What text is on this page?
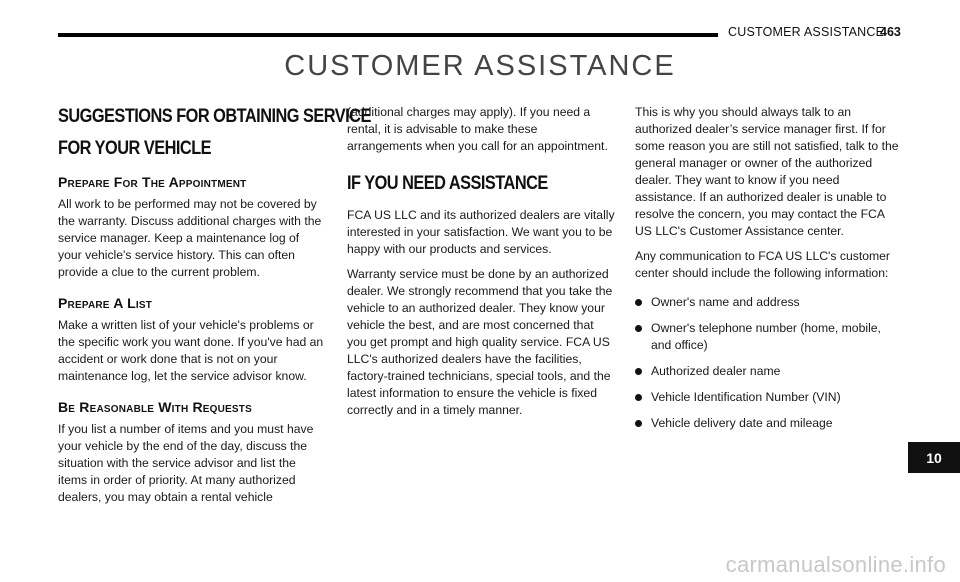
CUSTOMER ASSISTANCE
463
CUSTOMER ASSISTANCE
SUGGESTIONS FOR OBTAINING SERVICE
FOR YOUR VEHICLE
Prepare For The Appointment

All work to be performed may not be covered by the warranty. Discuss additional charges with the service manager. Keep a maintenance log of your vehicle's service history. This can often provide a clue to the current problem.

Prepare A List

Make a written list of your vehicle's problems or the specific work you want done. If you've had an accident or work done that is not on your maintenance log, let the service advisor know.

Be Reasonable With Requests

If you list a number of items and you must have your vehicle by the end of the day, discuss the situation with the service advisor and list the items in order of priority. At many authorized dealers, you may obtain a rental vehicle

(additional charges may apply). If you need a rental, it is advisable to make these arrangements when you call for an appointment.

IF YOU NEED ASSISTANCE

FCA US LLC and its authorized dealers are vitally interested in your satisfaction. We want you to be happy with our products and services.

Warranty service must be done by an authorized dealer. We strongly recommend that you take the vehicle to an authorized dealer. They know your vehicle the best, and are most concerned that you get prompt and high quality service. FCA US LLC's authorized dealers have the facilities, factory-trained technicians, special tools, and the latest information to ensure the vehicle is fixed correctly and in a timely manner.

This is why you should always talk to an authorized dealer’s service manager first. If for some reason you are still not satisfied, talk to the general manager or owner of the authorized dealer. They want to know if you need assistance. If an authorized dealer is unable to resolve the concern, you may contact the FCA US LLC's Customer Assistance center.

Any communication to FCA US LLC's customer center should include the following information:

Owner's name and address
Owner's telephone number (home, mobile, and office)
Authorized dealer name
Vehicle Identification Number (VIN)
Vehicle delivery date and mileage
10
carmanualsonline.info
